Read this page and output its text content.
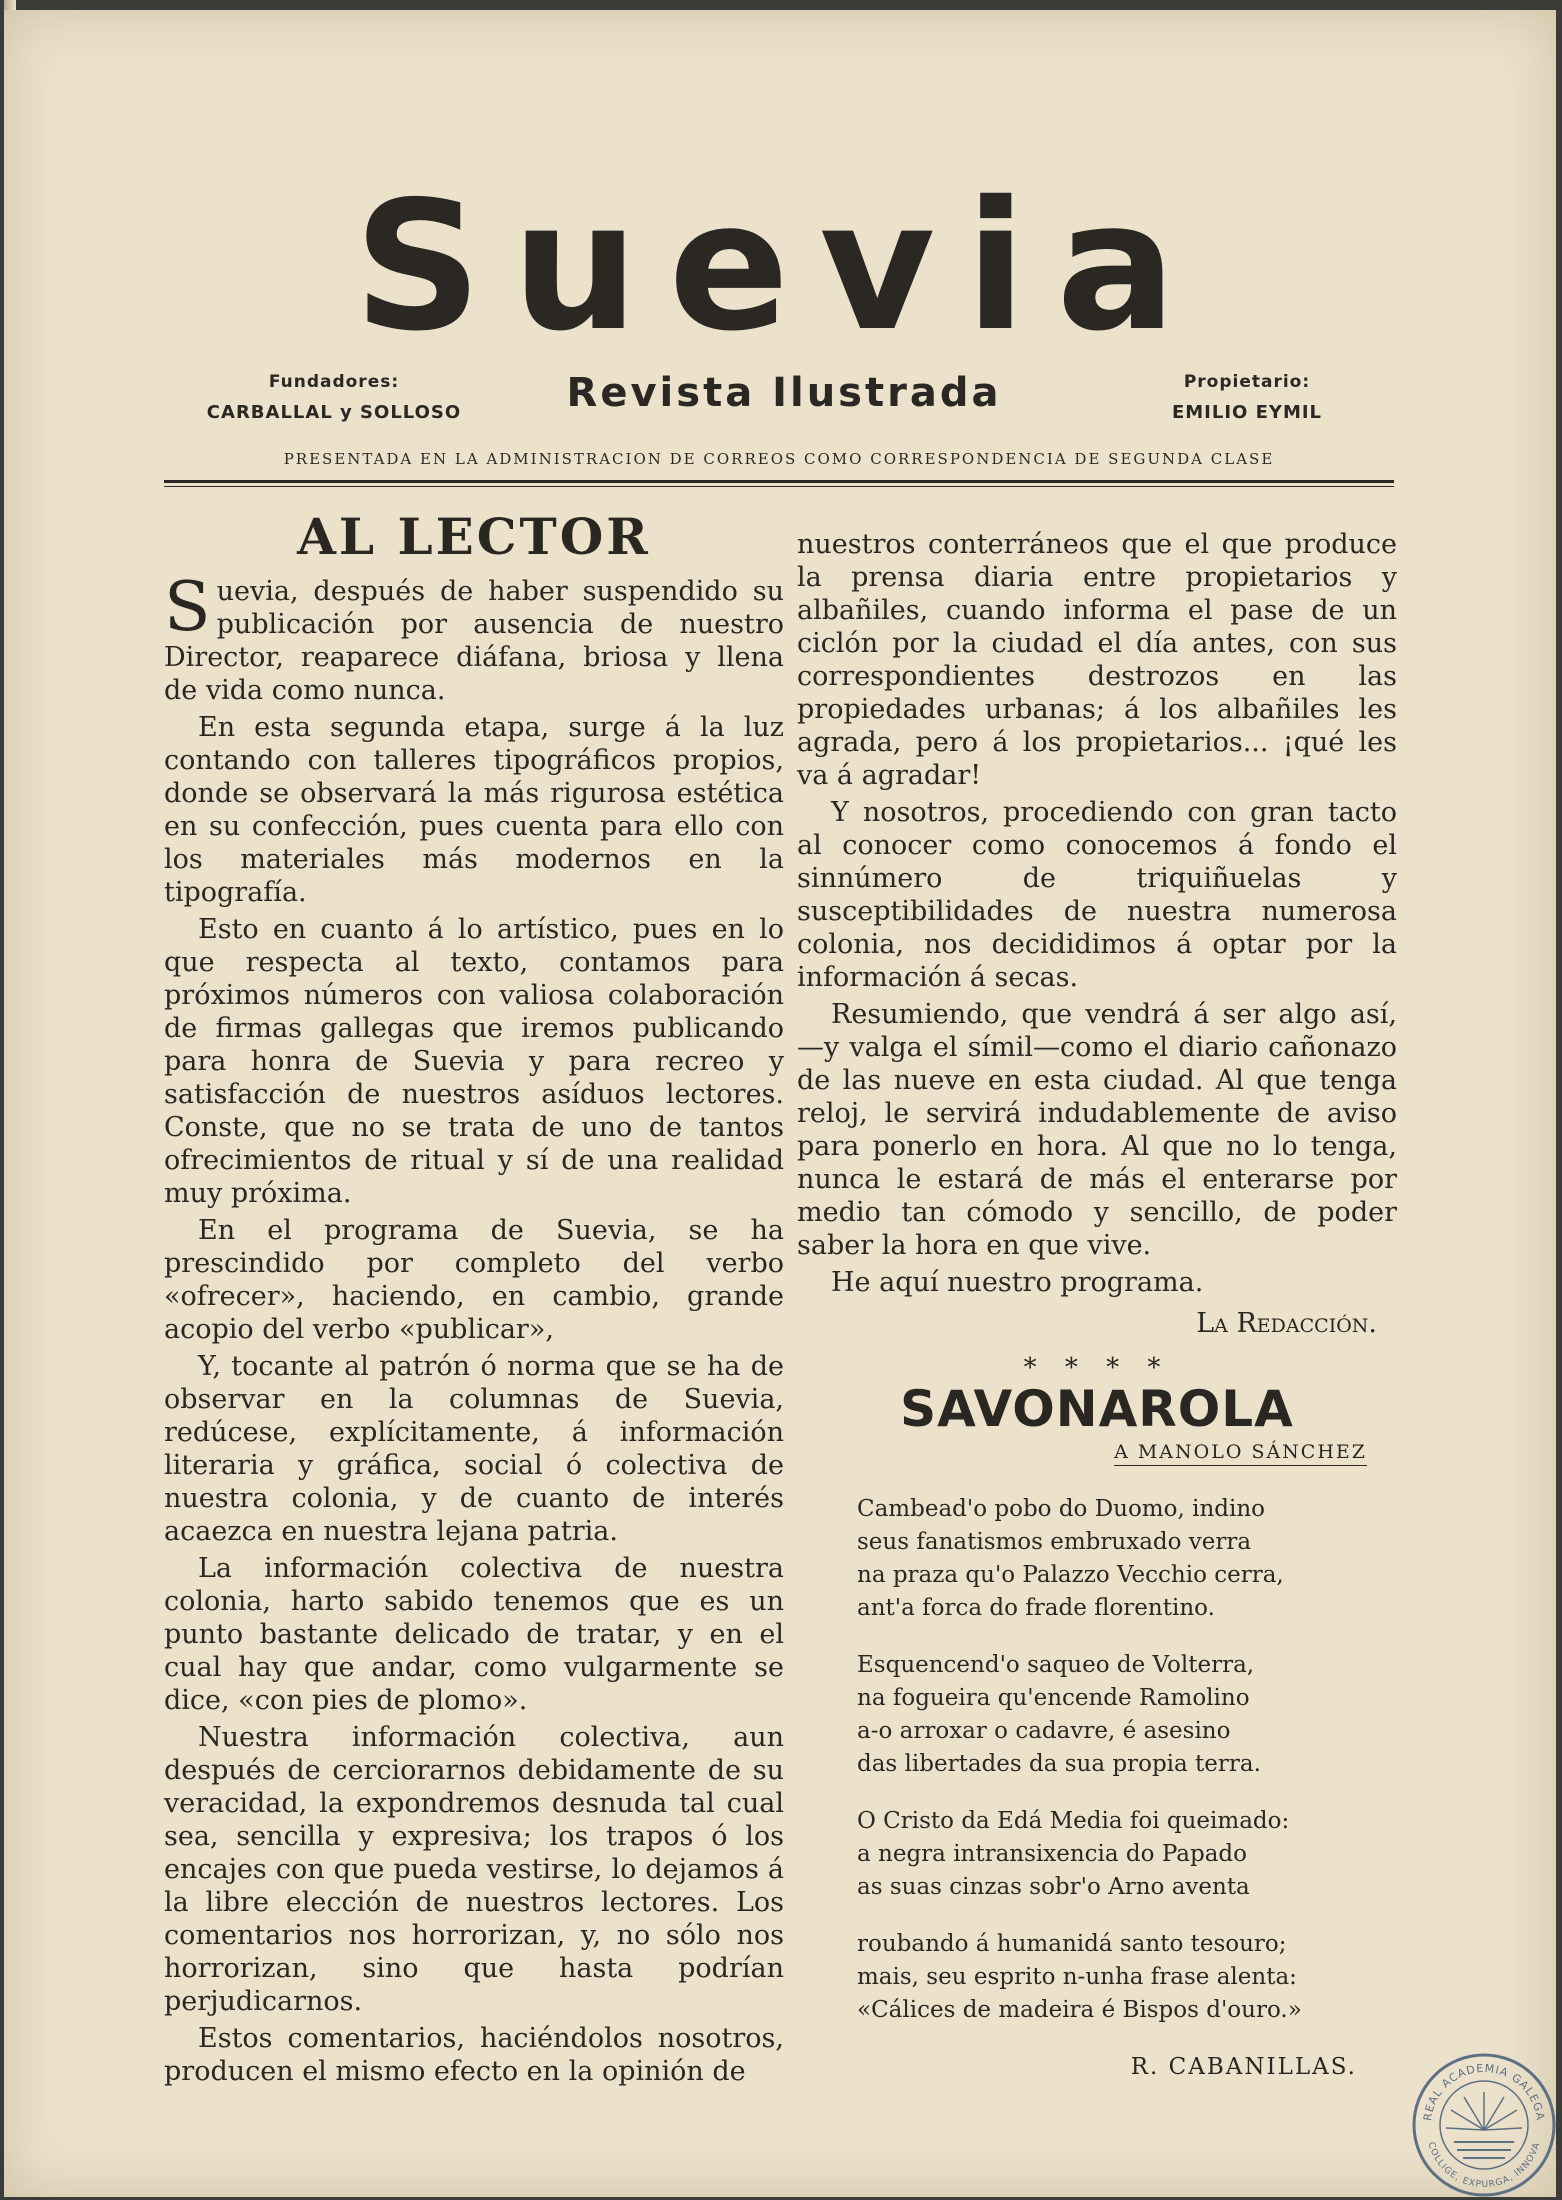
Suevia
Fundadores:
CARBALLAL y SOLLOSO	Revista Ilustrada	Propietario:
EMILIO EYMIL
PRESENTADA EN LA ADMINISTRACION DE CORREOS COMO CORRESPONDENCIA DE SEGUNDA CLASE
AL LECTOR

Suevia, después de haber suspendido su publicación por ausencia de nuestro Director, reaparece diáfana, briosa y llena de vida como nunca.

En esta segunda etapa, surge á la luz contando con talleres tipográficos propios, donde se observará la más rigurosa estética en su confección, pues cuenta para ello con los materiales más modernos en la tipografía.

Esto en cuanto á lo artístico, pues en lo que respecta al texto, contamos para próximos números con valiosa colaboración de firmas gallegas que iremos publicando para honra de Suevia y para recreo y satisfacción de nuestros asíduos lectores. Conste, que no se trata de uno de tantos ofrecimientos de ritual y sí de una realidad muy próxima.

En el programa de Suevia, se ha prescindido por completo del verbo «ofrecer», haciendo, en cambio, grande acopio del verbo «publicar»,

Y, tocante al patrón ó norma que se ha de observar en la columnas de Suevia, redúcese, explícitamente, á información literaria y gráfica, social ó colectiva de nuestra colonia, y de cuanto de interés acaezca en nuestra lejana patria.

La información colectiva de nuestra colonia, harto sabido tenemos que es un punto bastante delicado de tratar, y en el cual hay que andar, como vulgarmente se dice, «con pies de plomo».

Nuestra información colectiva, aun después de cerciorarnos debidamente de su veracidad, la expondremos desnuda tal cual sea, sencilla y expresiva; los trapos ó los encajes con que pueda vestirse, lo dejamos á la libre elección de nuestros lectores. Los comentarios nos horrorizan, y, no sólo nos horrorizan, sino que hasta podrían perjudicarnos.

Estos comentarios, haciéndolos nosotros, producen el mismo efecto en la opinión de

nuestros conterráneos que el que produce la prensa diaria entre propietarios y albañiles, cuando informa el pase de un ciclón por la ciudad el día antes, con sus correspondientes destrozos en las propiedades urbanas; á los albañiles les agrada, pero á los propietarios... ¡qué les va á agradar!

Y nosotros, procediendo con gran tacto al conocer como conocemos á fondo el sinnúmero de triquiñuelas y susceptibilidades de nuestra numerosa colonia, nos decididimos á optar por la información á secas.

Resumiendo, que vendrá á ser algo así, —y valga el símil—como el diario cañonazo de las nueve en esta ciudad. Al que tenga reloj, le servirá indudablemente de aviso para ponerlo en hora. Al que no lo tenga, nunca le estará de más el enterarse por medio tan cómodo y sencillo, de poder saber la hora en que vive.

He aquí nuestro programa.

La Redacción.
* * * *
SAVONAROLA
A MANOLO SÁNCHEZ
Cambead'o pobo do Duomo, indino
seus fanatismos embruxado verra
na praza qu'o Palazzo Vecchio cerra,
ant'a forca do frade florentino.
Esquencend'o saqueo de Volterra,
na fogueira qu'encende Ramolino
a-o arroxar o cadavre, é asesino
das libertades da sua propia terra.
O Cristo da Edá Media foi queimado:
a negra intransixencia do Papado
as suas cinzas sobr'o Arno aventa
roubando á humanidá santo tesouro;
mais, seu esprito n-unha frase alenta:
«Cálices de madeira é Bispos d'ouro.»
R. CABANILLAS.
REAL ACADEMIA GALEGA
COLLIGE, EXPURGA, INNOVA
